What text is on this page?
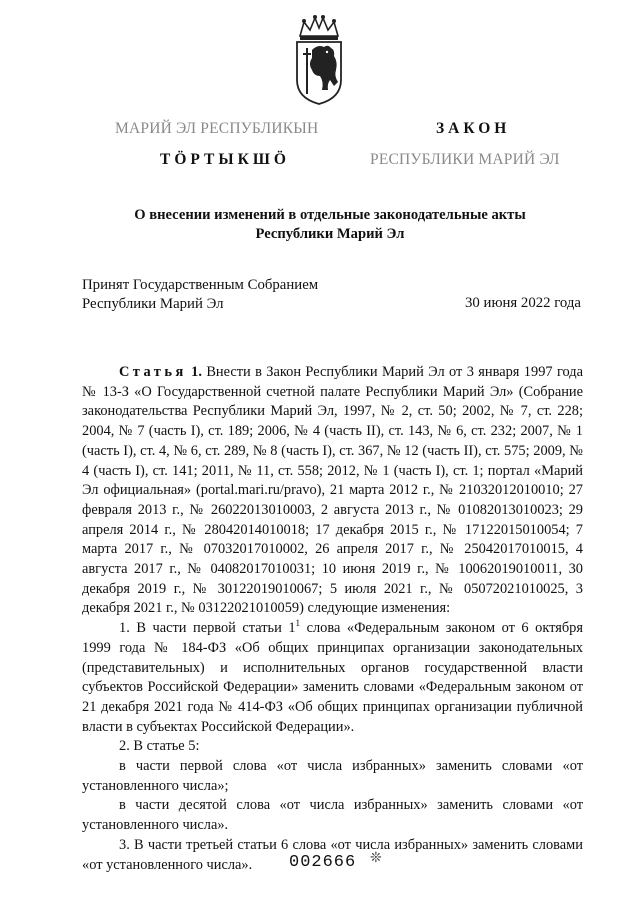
МАРИЙ ЭЛ РЕСПУБЛИКЫН	ЗАКОН
ТӦРТЫКШӦ	РЕСПУБЛИКИ МАРИЙ ЭЛ
О внесении изменений в отдельные законодательные акты
Республики Марий Эл
Принят Государственным Собранием
Республики Марий Эл	30 июня 2022 года

Статья 1. Внести в Закон Республики Марий Эл от 3 января 1997 года № 13-З «О Государственной счетной палате Республики Марий Эл» (Собрание законодательства Республики Марий Эл, 1997, № 2, ст. 50; 2002, № 7, ст. 228; 2004, № 7 (часть I), ст. 189; 2006, № 4 (часть II), ст. 143, № 6, ст. 232; 2007, № 1 (часть I), ст. 4, № 6, ст. 289, № 8 (часть I), ст. 367, № 12 (часть II), ст. 575; 2009, № 4 (часть I), ст. 141; 2011, № 11, ст. 558; 2012, № 1 (часть I), ст. 1; портал «Марий Эл официальная» (portal.mari.ru/pravo), 21 марта 2012 г., № 21032012010010; 27 февраля 2013 г., № 26022013010003, 2 августа 2013 г., № 01082013010023; 29 апреля 2014 г., № 28042014010018; 17 декабря 2015 г., № 17122015010054; 7 марта 2017 г., № 07032017010002, 26 апреля 2017 г., № 25042017010015, 4 августа 2017 г., № 04082017010031; 10 июня 2019 г., № 10062019010011, 30 декабря 2019 г., № 30122019010067; 5 июля 2021 г., № 05072021010025, 3 декабря 2021 г., № 03122021010059) следующие изменения:

1. В части первой статьи $1^1$ слова «Федеральным законом от 6 октября 1999 года № 184-ФЗ «Об общих принципах организации законодательных (представительных) и исполнительных органов государственной власти субъектов Российской Федерации» заменить словами «Федеральным законом от 21 декабря 2021 года № 414-ФЗ «Об общих принципах организации публичной власти в субъектах Российской Федерации».

2. В статье 5:

в части первой слова «от числа избранных» заменить словами «от установленного числа»;

в части десятой слова «от числа избранных» заменить словами «от установленного числа».

3. В части третьей статьи 6 слова «от числа избранных» заменить словами «от установленного числа».	002666 ❊
